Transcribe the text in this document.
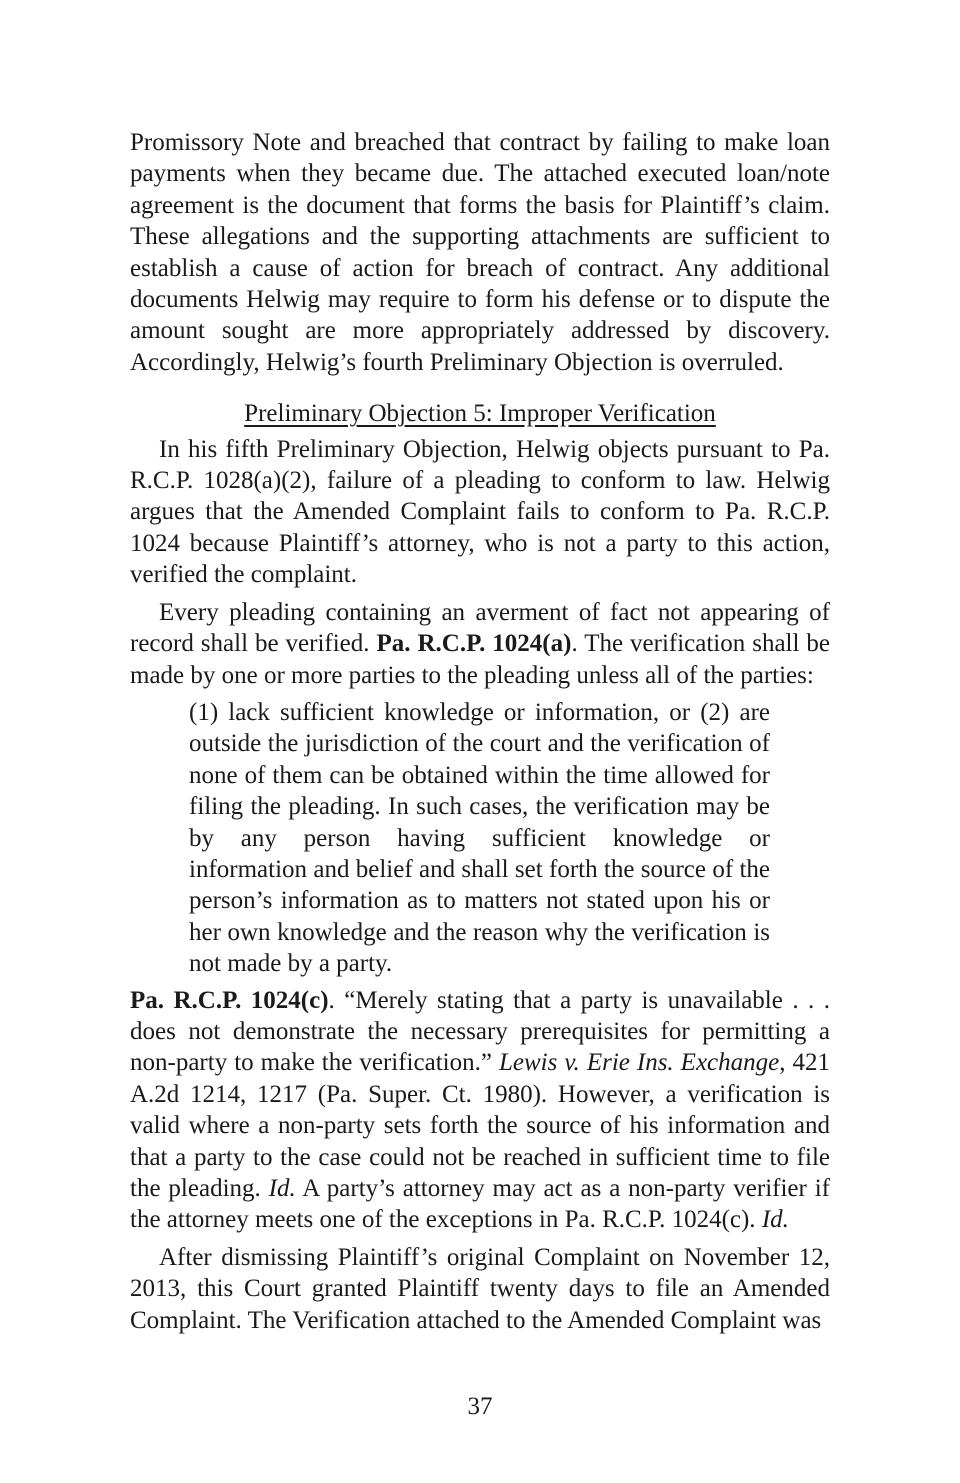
Promissory Note and breached that contract by failing to make loan payments when they became due. The attached executed loan/note agreement is the document that forms the basis for Plaintiff’s claim. These allegations and the supporting attachments are sufficient to establish a cause of action for breach of contract. Any additional documents Helwig may require to form his defense or to dispute the amount sought are more appropriately addressed by discovery. Accordingly, Helwig’s fourth Preliminary Objection is overruled.

Preliminary Objection 5: Improper Verification

In his fifth Preliminary Objection, Helwig objects pursuant to Pa. R.C.P. 1028(a)(2), failure of a pleading to conform to law. Helwig argues that the Amended Complaint fails to conform to Pa. R.C.P. 1024 because Plaintiff’s attorney, who is not a party to this action, verified the complaint.

Every pleading containing an averment of fact not appearing of record shall be verified. Pa. R.C.P. 1024(a). The verification shall be made by one or more parties to the pleading unless all of the parties:

(1) lack sufficient knowledge or information, or (2) are outside the jurisdiction of the court and the verification of none of them can be obtained within the time allowed for filing the pleading. In such cases, the verification may be by any person having sufficient knowledge or information and belief and shall set forth the source of the person’s information as to matters not stated upon his or her own knowledge and the reason why the verification is not made by a party.

Pa. R.C.P. 1024(c). “Merely stating that a party is unavailable . . . does not demonstrate the necessary prerequisites for permitting a non-party to make the verification.” Lewis v. Erie Ins. Exchange, 421 A.2d 1214, 1217 (Pa. Super. Ct. 1980). However, a verification is valid where a non-party sets forth the source of his information and that a party to the case could not be reached in sufficient time to file the pleading. Id. A party’s attorney may act as a non-party verifier if the attorney meets one of the exceptions in Pa. R.C.P. 1024(c). Id.

After dismissing Plaintiff’s original Complaint on November 12, 2013, this Court granted Plaintiff twenty days to file an Amended Complaint. The Verification attached to the Amended Complaint was

37
